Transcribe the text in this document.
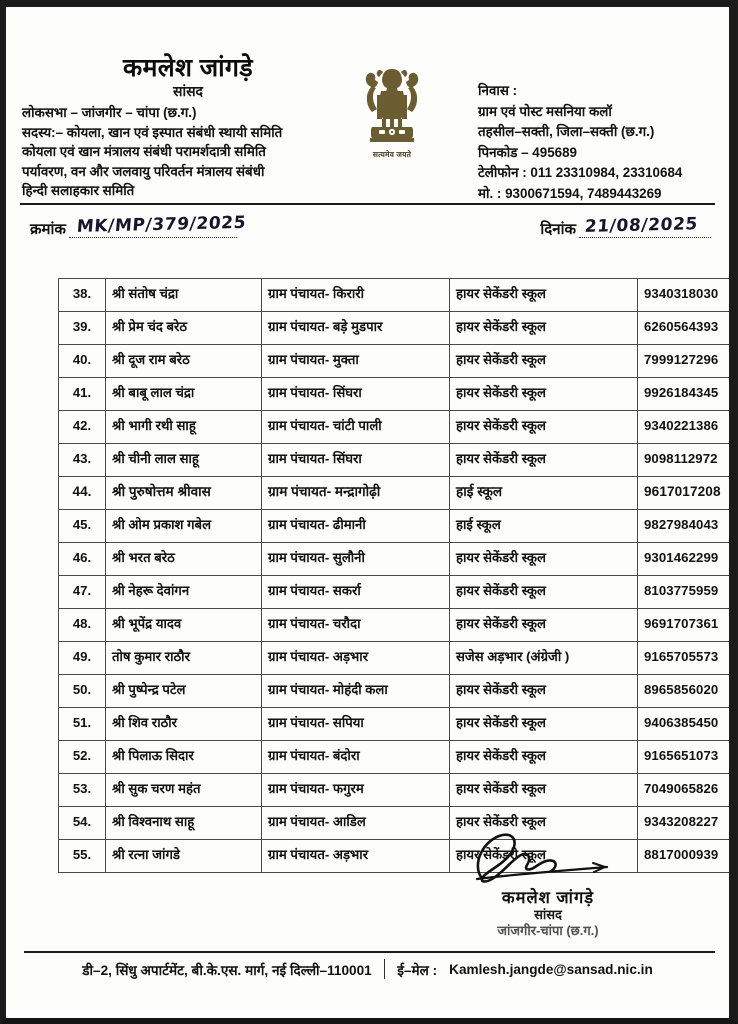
कमलेश जांगड़े
सांसद
लोकसभा – जांजगीर – चांपा (छ.ग.)
सदस्य:– कोयला, खान एवं इस्पात संबंधी स्थायी समिति
कोयला एवं खान मंत्रालय संबंधी परामर्शदात्री समिति
पर्यावरण, वन और जलवायु परिवर्तन मंत्रालय संबंधी
हिन्दी सलाहकार समिति
सत्यमेव जयते
निवास :
ग्राम एवं पोस्ट मसनिया कलॉ
तहसील–सक्ती, जिला–सक्ती (छ.ग.)
पिनकोड – 495689
टेलीफोन : 011 23310984, 23310684
मो. : 9300671594, 7489443269
क्रमांक MK/MP/379/2025	दिनांक 21/08/2025
38.	श्री संतोष चंद्रा	ग्राम पंचायत- किरारी	हायर सेकेंडरी स्कूल	9340318030
39.	श्री प्रेम चंद बरेठ	ग्राम पंचायत- बड़े मुडपार	हायर सेकेंडरी स्कूल	6260564393
40.	श्री दूज राम बरेठ	ग्राम पंचायत- मुक्ता	हायर सेकेंडरी स्कूल	7999127296
41.	श्री बाबू लाल चंद्रा	ग्राम पंचायत- सिंघरा	हायर सेकेंडरी स्कूल	9926184345
42.	श्री भागी रथी साहू	ग्राम पंचायत- चांटी पाली	हायर सेकेंडरी स्कूल	9340221386
43.	श्री चीनी लाल साहू	ग्राम पंचायत- सिंघरा	हायर सेकेंडरी स्कूल	9098112972
44.	श्री पुरुषोत्तम श्रीवास	ग्राम पंचायत- मन्द्रागोढ़ी	हाई स्कूल	9617017208
45.	श्री ओम प्रकाश गबेल	ग्राम पंचायत- ढीमानी	हाई स्कूल	9827984043
46.	श्री भरत बरेठ	ग्राम पंचायत- सुलौनी	हायर सेकेंडरी स्कूल	9301462299
47.	श्री नेहरू देवांगन	ग्राम पंचायत- सकर्रा	हायर सेकेंडरी स्कूल	8103775959
48.	श्री भूपेंद्र यादव	ग्राम पंचायत- चरौदा	हायर सेकेंडरी स्कूल	9691707361
49.	तोष कुमार राठौर	ग्राम पंचायत- अड़भार	सजेस अड़भार (अंग्रेजी )	9165705573
50.	श्री पुष्पेन्द्र पटेल	ग्राम पंचायत- मोहंदी कला	हायर सेकेंडरी स्कूल	8965856020
51.	श्री शिव राठौर	ग्राम पंचायत- सपिया	हायर सेकेंडरी स्कूल	9406385450
52.	श्री पिलाऊ सिदार	ग्राम पंचायत- बंदोरा	हायर सेकेंडरी स्कूल	9165651073
53.	श्री सुक चरण महंत	ग्राम पंचायत- फगुरम	हायर सेकेंडरी स्कूल	7049065826
54.	श्री विश्वनाथ साहू	ग्राम पंचायत- आडिल	हायर सेकेंडरी स्कूल	9343208227
55.	श्री रत्ना जांगडे	ग्राम पंचायत- अड़भार	हायर सेकेंडरी स्कूल	8817000939
कमलेश जांगड़े
सांसद
जांजगीर-चांपा (छ.ग.)
डी–2, सिंधु अपार्टमेंट, बी.के.एस. मार्ग, नई दिल्ली–110001 ई–मेल : Kamlesh.jangde@sansad.nic.in
